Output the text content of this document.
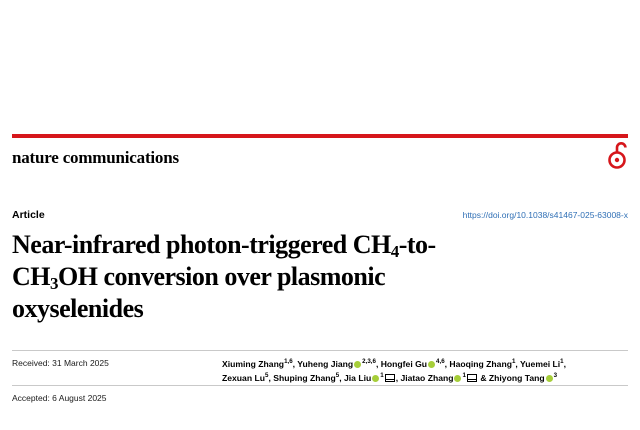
nature communications
Article	https://doi.org/10.1038/s41467-025-63008-x
Near-infrared photon-triggered $CH_4-to-$
$CH_3OH$ conversion over plasmonic
oxyselenides
Received: 31 March 2025
Accepted: 6 August 2025
Xiuming Zhang$^{1,6}$, Yuheng Jiang $^{2,3,6}$, Hongfei Gu $^{4,6}$, Haoqing Zhang$^1$, Yuemei Li$^1$,
Zexuan Lu$^5$, Shuping Zhang$^5$, Jia Liu $^1$ , Jiatao Zhang $^1$ & Zhiyong Tang $^3$
